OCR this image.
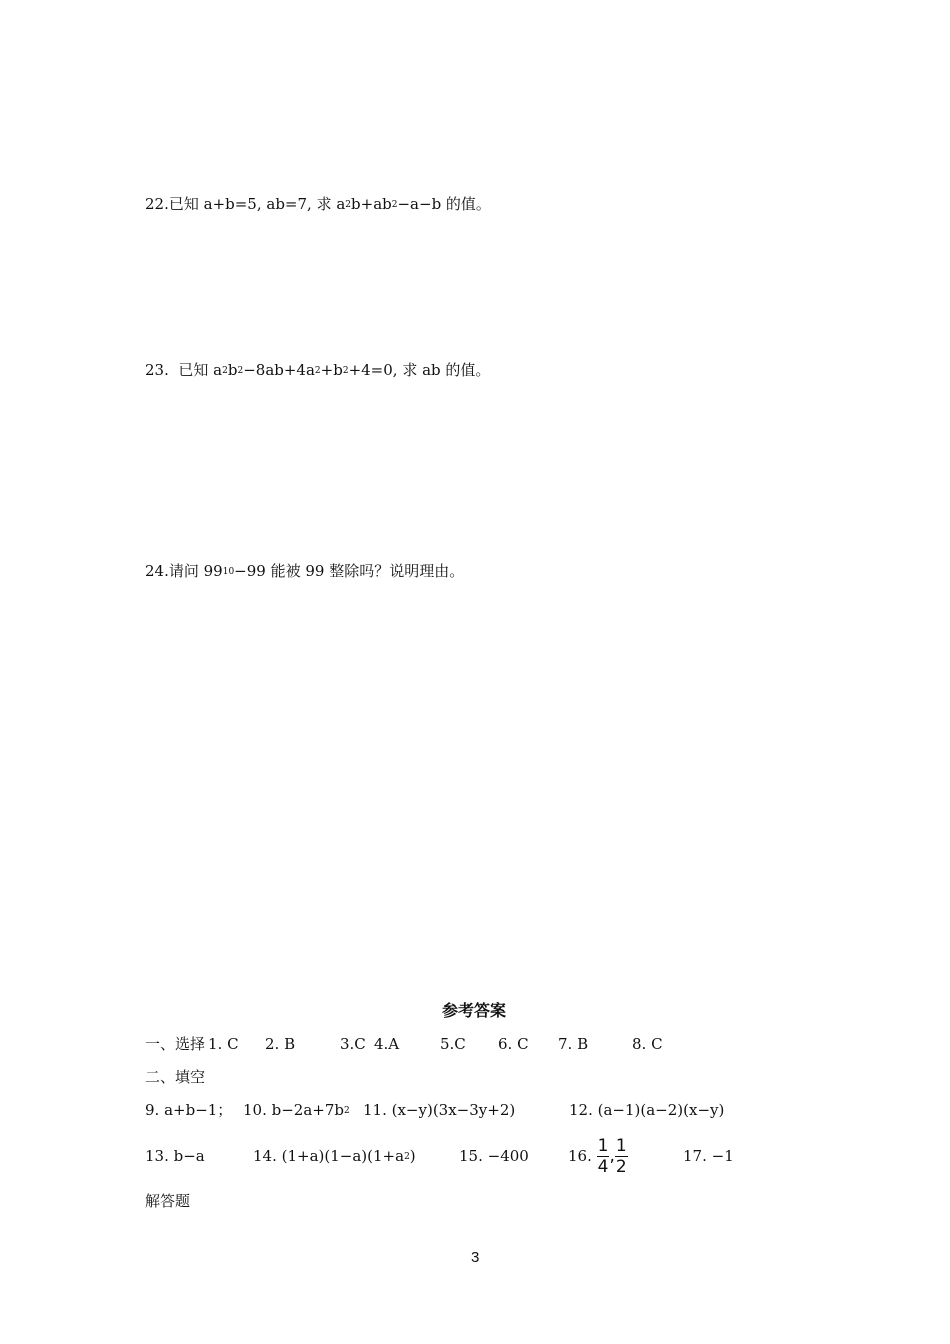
22.已知 a+b=5, ab=7, 求 $a^2b+ab^2-a-b$ 的值。
23. 已知 $a^2b^2-8ab+4a^2+b^2+4=0$, 求 ab 的值。
24.请问 $99^{10}-99$ 能被 99 整除吗？说明理由。
参考答案
一、选择 1. C 2. B	3.C 4.A	5.C 6. C 7. B	8. C
二、填空
9. a+b−1； 10. $b-2a+7b^2$ 11. (x−y)(3x−3y+2)	12. (a−1)(a−2)(x−y)
13. b−a	14. $(1+a)(1-a)(1+a^2)$	15. −400	16. $\frac{1}{4}$ , $\frac{1}{2}$	17. −1
解答题
3
